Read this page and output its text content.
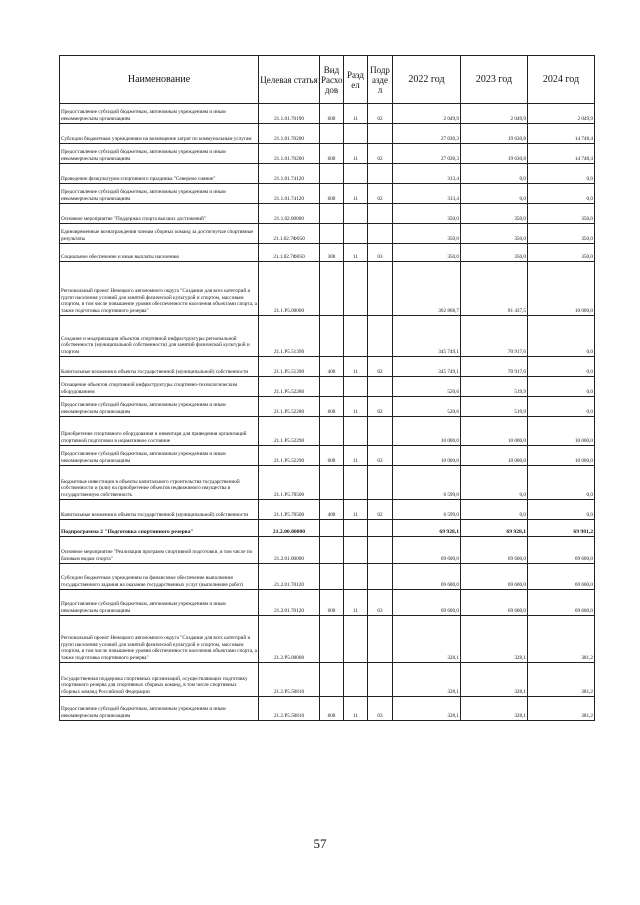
Наименование	Целевая статья	Вид Расхо дов	Разд ел	Подр азде л	2022 год	2023 год	2024 год
Предоставление субсидий бюджетным, автономным учреждениям и иным некоммерческим организациям	21.1.01.70190	600	11	02	2 049,9	2 049,9	2 049,9
Субсидии бюджетным учреждениям на возмещение затрат по коммунальным услугам	21.1.01.70200				27 030,3	19 630,8	14 748,4
Предоставление субсидий бюджетным, автономным учреждениям и иным некоммерческим организациям	21.1.01.70200	600	11	02	27 030,3	19 630,8	14 748,4
Проведение физкультурно-спортивного праздника "Северное сияние"	21.1.01.74120				313,4	0,0	0,0
Предоставление субсидий бюджетным, автономным учреждениям и иным некоммерческим организациям	21.1.01.74120	600	11	02	313,4	0,0	0,0
Основное мероприятие "Поддержка спорта высших достижений"	21.1.02.00000				350,0	350,0	350,0
Единовременные вознаграждения членам сборных команд за достигнутые спортивные результаты	21.1.02.7Ф050				350,0	350,0	350,0
Социальное обеспечение и иные выплаты населению	21.1.02.7Ф050	300	11	03	350,0	350,0	350,0
Региональный проект Ненецкого автономного округа "Создание для всех категорий и групп населения условий для занятий физической культурой и спортом, массовым спортом, в том числе повышение уровня обеспеченности населения объектами спорта, а также подготовка спортивного резерва"	21.1.Р5.00000				362 868,7	81 437,5	10 000,0
Создание и модернизация объектов спортивной инфраструктуры региональной собственности (муниципальной собственности) для занятий физической культурой и спортом	21.1.Р5.51390				345 749,1	70 917,6	0,0
Капитальные вложения в объекты государственной (муниципальной) собственности	21.1.Р5.51390	400	11	02	345 749,1	70 917,6	0,0
Оснащение объектов спортивной инфраструктуры спортивно-технологическим оборудованием	21.1.Р5.52280				520,6	519,9	0,0
Предоставление субсидий бюджетным, автономным учреждениям и иным некоммерческим организациям	21.1.Р5.52280	600	11	02	520,6	519,9	0,0
Приобретение спортивного оборудования и инвентаря для приведения организаций спортивной подготовки в нормативное состояние	21.1.Р5.52290				10 000,0	10 000,0	10 000,0
Предоставление субсидий бюджетным, автономным учреждениям и иным некоммерческим организациям	21.1.Р5.52290	600	11	03	10 000,0	10 000,0	10 000,0
Бюджетные инвестиции в объекты капитального строительства государственной собственности и (или) на приобретение объектов недвижимого имущества в государственную собственность	21.1.Р5.70500				6 599,0	0,0	0,0
Капитальные вложения в объекты государственной (муниципальной) собственности	21.1.Р5.70500	400	11	02	6 599,0	0,0	0,0
Подпрограмма 2 "Подготовка спортивного резерва"	21.2.00.00000				69 928,1	69 928,1	69 981,2
Основное мероприятие "Реализация программ спортивной подготовки, в том числе по базовым видам спорта"	21.2.01.00000				69 600,0	69 600,0	69 600,0
Субсидии бюджетным учреждениям на финансовое обеспечение выполнения государственного задания на оказание государственных услуг (выполнение работ)	21.2.01.70120				69 600,0	69 600,0	69 600,0
Предоставление субсидий бюджетным, автономным учреждениям и иным некоммерческим организациям	21.2.01.70120	600	11	03	69 600,0	69 600,0	69 600,0
Региональный проект Ненецкого автономного округа "Создание для всех категорий и групп населения условий для занятий физической культурой и спортом, массовым спортом, в том числе повышение уровня обеспеченности населения объектами спорта, а также подготовка спортивного резерва"	21.2.Р5.00000				328,1	328,1	381,2
Государственная поддержка спортивных организаций, осуществляющих подготовку спортивного резерва для спортивных сборных команд, в том числе спортивных сборных команд Российской Федерации	21.2.Р5.50810				328,1	328,1	381,2
Предоставление субсидий бюджетным, автономным учреждениям и иным некоммерческим организациям	21.2.Р5.50810	600	11	03	328,1	328,1	381,2
57
